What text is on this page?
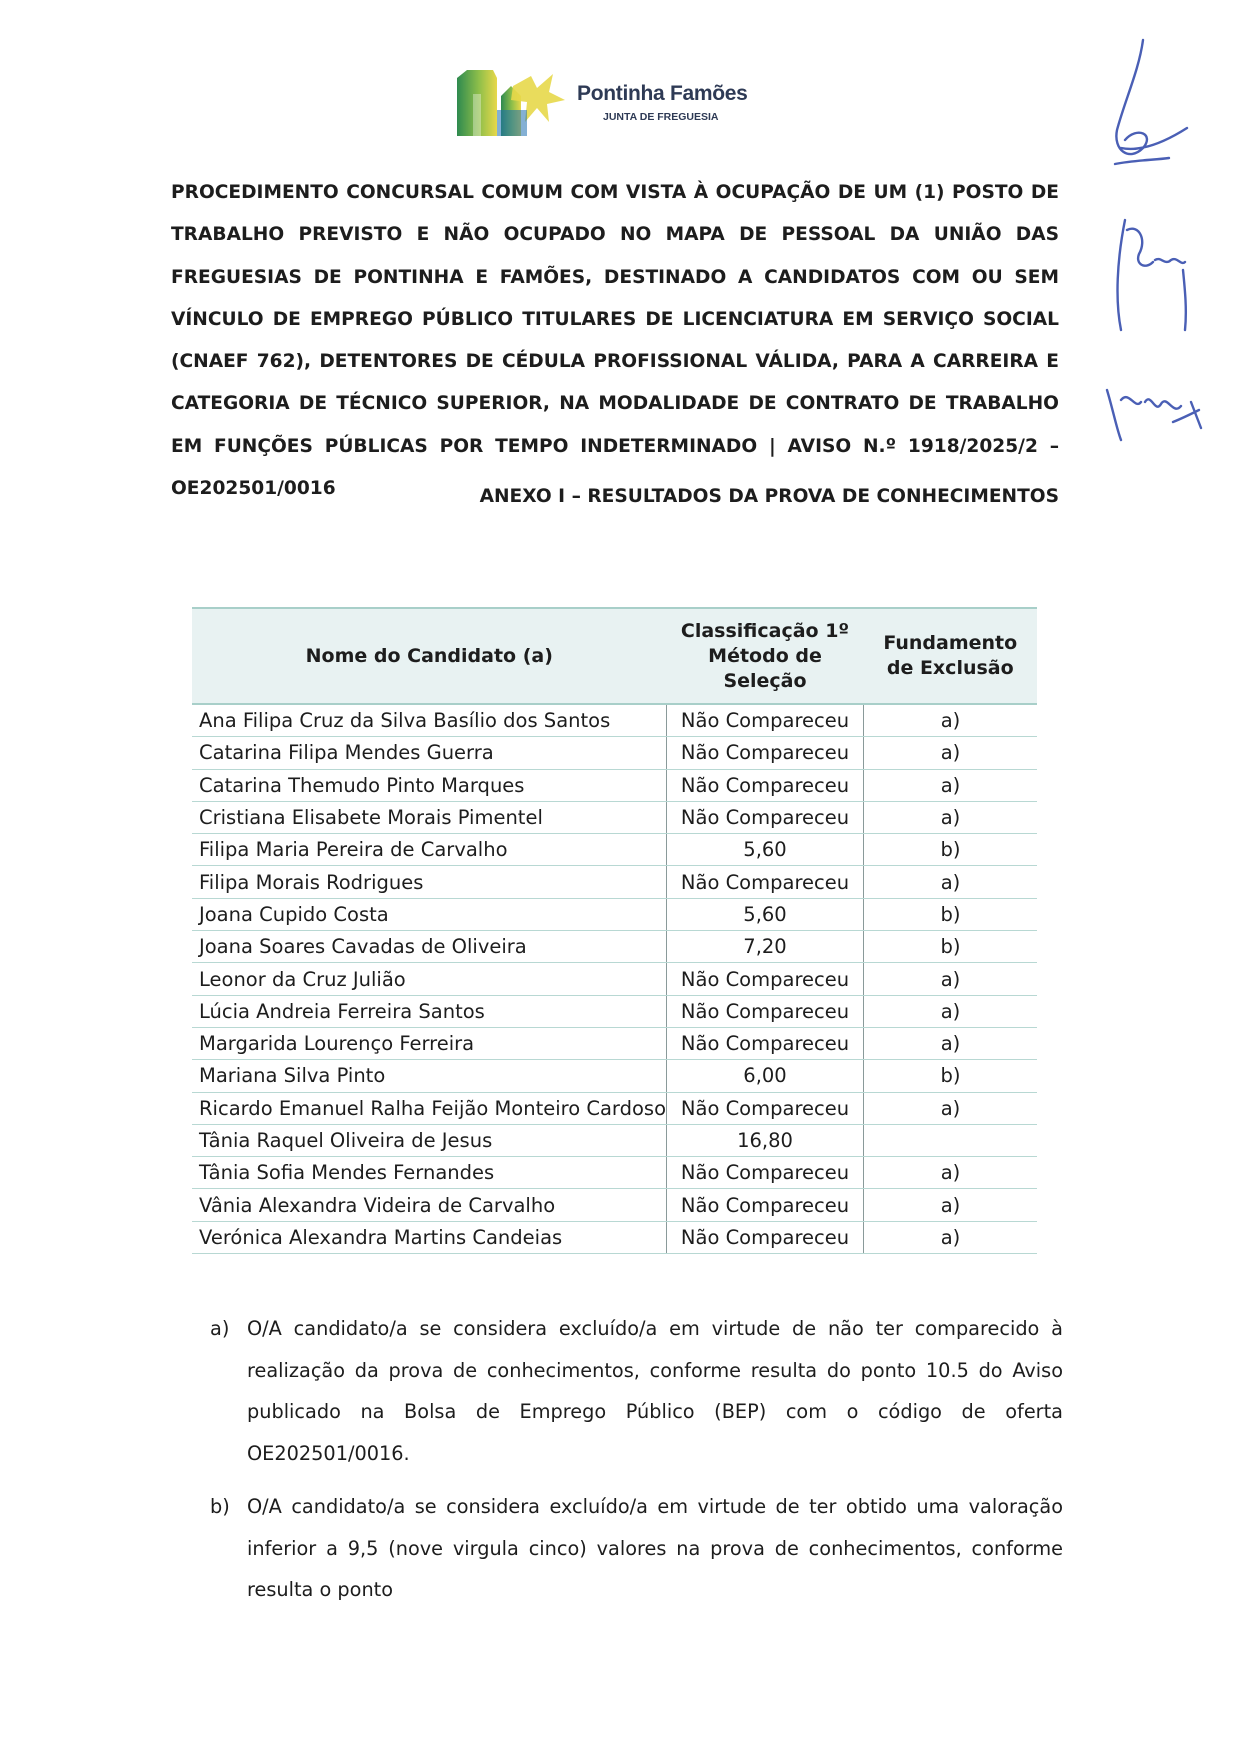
Pontinha Famões
JUNTA DE FREGUESIA
PROCEDIMENTO CONCURSAL COMUM COM VISTA À OCUPAÇÃO DE UM (1) POSTO DE TRABALHO PREVISTO E NÃO OCUPADO NO MAPA DE PESSOAL DA UNIÃO DAS FREGUESIAS DE PONTINHA E FAMÕES, DESTINADO A CANDIDATOS COM OU SEM VÍNCULO DE EMPREGO PÚBLICO TITULARES DE LICENCIATURA EM SERVIÇO SOCIAL (CNAEF 762), DETENTORES DE CÉDULA PROFISSIONAL VÁLIDA, PARA A CARREIRA E CATEGORIA DE TÉCNICO SUPERIOR, NA MODALIDADE DE CONTRATO DE TRABALHO EM FUNÇÕES PÚBLICAS POR TEMPO INDETERMINADO | AVISO N.º 1918/2025/2 – OE202501/0016	ANEXO I – RESULTADOS DA PROVA DE CONHECIMENTOS
Nome do Candidato (a)	Classificação 1º Método de Seleção	Fundamento de Exclusão
Ana Filipa Cruz da Silva Basílio dos Santos	Não Compareceu	a)
Catarina Filipa Mendes Guerra	Não Compareceu	a)
Catarina Themudo Pinto Marques	Não Compareceu	a)
Cristiana Elisabete Morais Pimentel	Não Compareceu	a)
Filipa Maria Pereira de Carvalho	5,60	b)
Filipa Morais Rodrigues	Não Compareceu	a)
Joana Cupido Costa	5,60	b)
Joana Soares Cavadas de Oliveira	7,20	b)
Leonor da Cruz Julião	Não Compareceu	a)
Lúcia Andreia Ferreira Santos	Não Compareceu	a)
Margarida Lourenço Ferreira	Não Compareceu	a)
Mariana Silva Pinto	6,00	b)
Ricardo Emanuel Ralha Feijão Monteiro Cardoso	Não Compareceu	a)
Tânia Raquel Oliveira de Jesus	16,80	
Tânia Sofia Mendes Fernandes	Não Compareceu	a)
Vânia Alexandra Videira de Carvalho	Não Compareceu	a)
Verónica Alexandra Martins Candeias	Não Compareceu	a)
a) O/A candidato/a se considera excluído/a em virtude de não ter comparecido à realização da prova de conhecimentos, conforme resulta do ponto 10.5 do Aviso publicado na Bolsa de Emprego Público (BEP) com o código de oferta OE202501/0016.
b) O/A candidato/a se considera excluído/a em virtude de ter obtido uma valoração inferior a 9,5 (nove virgula cinco) valores na prova de conhecimentos, conforme resulta o ponto
